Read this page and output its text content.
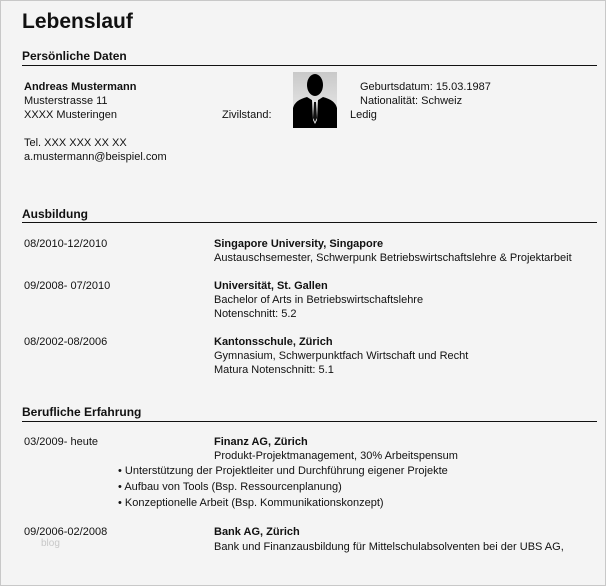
Lebenslauf
Persönliche Daten
Andreas Mustermann
Musterstrasse 11
XXXX Musteringen
Tel. XXX XXX XX XX
a.mustermann@beispiel.com
Zivilstand:	Ledig
Geburtsdatum: 15.03.1987
Nationalität: Schweiz
Ausbildung
Berufliche Erfahrung
08/2010-12/2010	Singapore University, Singapore
Austauschsemester, Schwerpunk Betriebswirtschaftslehre & Projektarbeit
09/2008- 07/2010	Universität, St. Gallen
Bachelor of Arts in Betriebswirtschaftslehre
Notenschnitt: 5.2
08/2002-08/2006	Kantonsschule, Zürich
Gymnasium, Schwerpunktfach Wirtschaft und Recht
Matura Notenschnitt: 5.1
03/2009- heute	Finanz AG, Zürich
Produkt-Projektmanagement, 30% Arbeitspensum
• Unterstützung der Projektleiter und Durchführung eigener Projekte
• Aufbau von Tools (Bsp. Ressourcenplanung)
• Konzeptionelle Arbeit (Bsp. Kommunikationskonzept)
09/2006-02/2008	Bank AG, Zürich
Bank und Finanzausbildung für Mittelschulabsolventen bei der UBS AG,
blog
